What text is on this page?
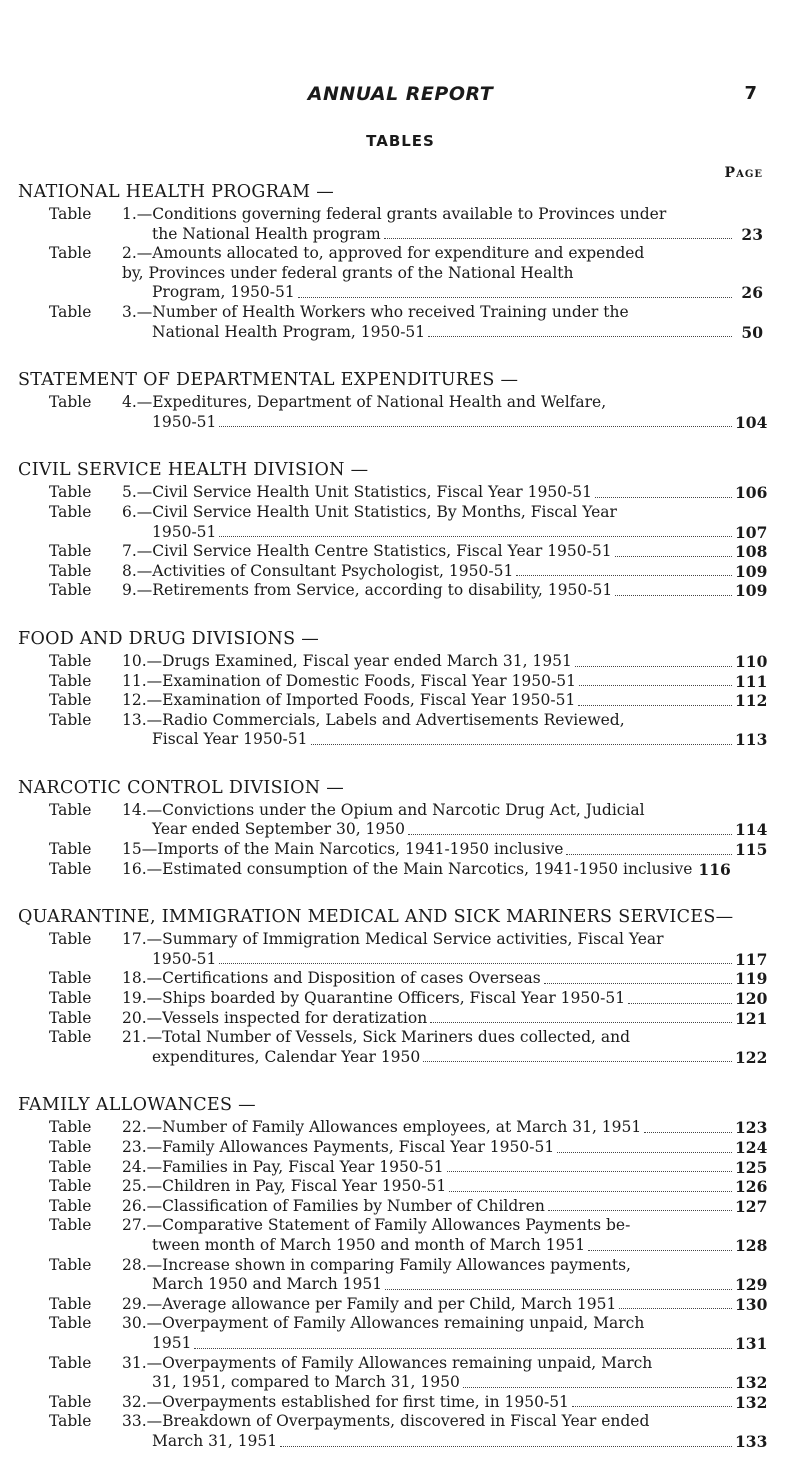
ANNUAL REPORT	7
TABLES
Page
NATIONAL HEALTH PROGRAM —
Table	1.—Conditions governing federal grants available to Provinces under
the National Health program	23
Table	2.—Amounts allocated to, approved for expenditure and expended
by, Provinces under federal grants of the National Health
Program, 1950-51	26
Table	3.—Number of Health Workers who received Training under the
National Health Program, 1950-51	50
STATEMENT OF DEPARTMENTAL EXPENDITURES —
Table	4.—Expeditures, Department of National Health and Welfare,
1950-51	104
CIVIL SERVICE HEALTH DIVISION —
Table	5.—Civil Service Health Unit Statistics, Fiscal Year 1950-51	106
Table	6.—Civil Service Health Unit Statistics, By Months, Fiscal Year
1950-51	107
Table	7.—Civil Service Health Centre Statistics, Fiscal Year 1950-51	108
Table	8.—Activities of Consultant Psychologist, 1950-51	109
Table	9.—Retirements from Service, according to disability, 1950-51	109
FOOD AND DRUG DIVISIONS —
Table	10.—Drugs Examined, Fiscal year ended March 31, 1951	110
Table	11.—Examination of Domestic Foods, Fiscal Year 1950-51	111
Table	12.—Examination of Imported Foods, Fiscal Year 1950-51	112
Table	13.—Radio Commercials, Labels and Advertisements Reviewed,
Fiscal Year 1950-51	113
NARCOTIC CONTROL DIVISION —
Table	14.—Convictions under the Opium and Narcotic Drug Act, Judicial
Year ended September 30, 1950	114
Table	15—Imports of the Main Narcotics, 1941-1950 inclusive	115
Table	16.—Estimated consumption of the Main Narcotics, 1941-1950 inclusive 116
QUARANTINE, IMMIGRATION MEDICAL AND SICK MARINERS SERVICES—
Table	17.—Summary of Immigration Medical Service activities, Fiscal Year
1950-51	117
Table	18.—Certifications and Disposition of cases Overseas	119
Table	19.—Ships boarded by Quarantine Officers, Fiscal Year 1950-51	120
Table	20.—Vessels inspected for deratization	121
Table	21.—Total Number of Vessels, Sick Mariners dues collected, and
expenditures, Calendar Year 1950	122
FAMILY ALLOWANCES —
Table	22.—Number of Family Allowances employees, at March 31, 1951	123
Table	23.—Family Allowances Payments, Fiscal Year 1950-51	124
Table	24.—Families in Pay, Fiscal Year 1950-51	125
Table	25.—Children in Pay, Fiscal Year 1950-51	126
Table	26.—Classification of Families by Number of Children	127
Table	27.—Comparative Statement of Family Allowances Payments be-
tween month of March 1950 and month of March 1951	128
Table	28.—Increase shown in comparing Family Allowances payments,
March 1950 and March 1951	129
Table	29.—Average allowance per Family and per Child, March 1951	130
Table	30.—Overpayment of Family Allowances remaining unpaid, March
1951	131
Table	31.—Overpayments of Family Allowances remaining unpaid, March
31, 1951, compared to March 31, 1950	132
Table	32.—Overpayments established for first time, in 1950-51	132
Table	33.—Breakdown of Overpayments, discovered in Fiscal Year ended
March 31, 1951	133
